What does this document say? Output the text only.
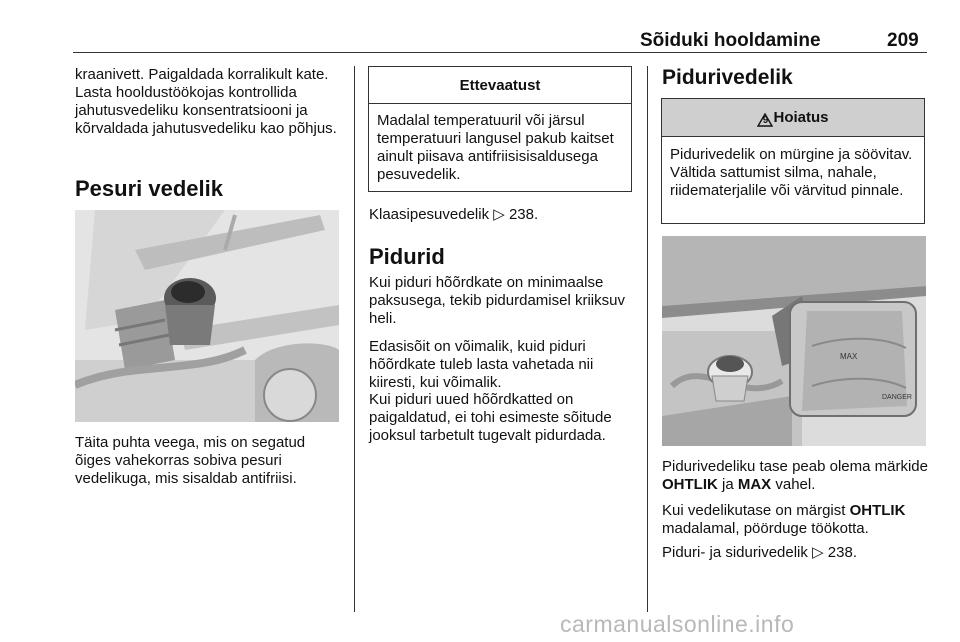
Sõiduki hooldamine	209
kraanivett. Paigaldada korralikult kate. Lasta hooldustöökojas kontrollida jahutusvedeliku konsentratsiooni ja kõrvaldada jahutusvedeliku kao põhjus.
Pesuri vedelik
Täita puhta veega, mis on segatud õiges vahekorras sobiva pesuri vedelikuga, mis sisaldab antifriisi.
Ettevaatust
Madalal temperatuuril või järsul temperatuuri langusel pakub kaitset ainult piisava antifriisisisaldusega pesuvedelik.
Klaasipesuvedelik ▷ 238.
Pidurid
Kui piduri hõõrdkate on minimaalse paksusega, tekib pidurdamisel kriiksuv heli.
Edasisõit on võimalik, kuid piduri hõõrdkate tuleb lasta vahetada nii kiiresti, kui võimalik.
Kui piduri uued hõõrdkatted on paigaldatud, ei tohi esimeste sõitude jooksul tarbetult tugevalt pidurdada.
Pidurivedelik
9 Hoiatus
Pidurivedelik on mürgine ja söövitav. Vältida sattumist silma, nahale, riidematerjalile või värvitud pinnale.
MAX
DANGER
Pidurivedeliku tase peab olema märkide OHTLIK ja MAX vahel.
Kui vedelikutase on märgist OHTLIK madalamal, pöörduge töökotta.
Piduri- ja sidurivedelik ▷ 238.
carmanualsonline.info
